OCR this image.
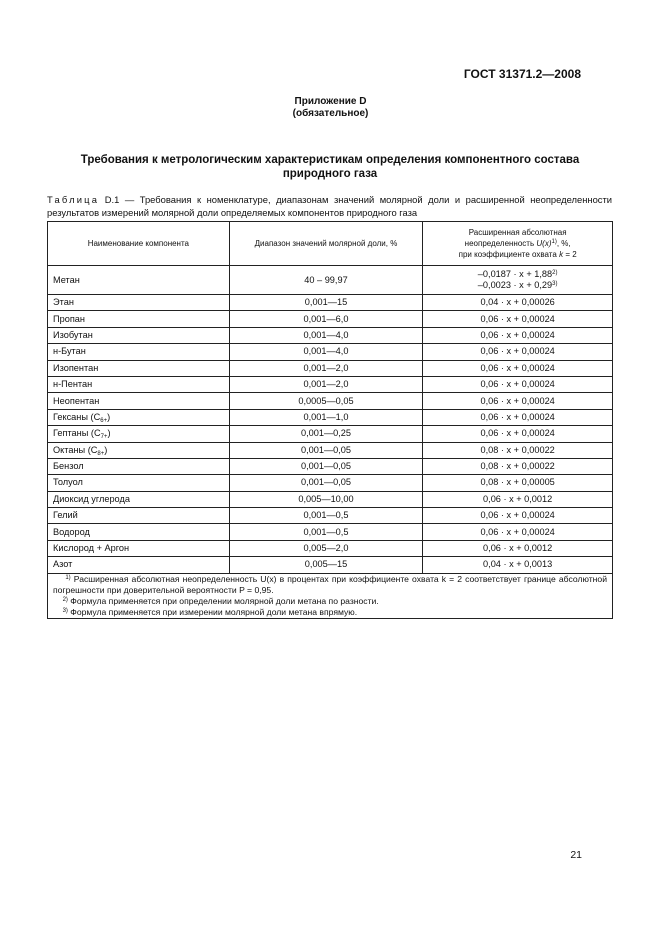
ГОСТ 31371.2—2008
Приложение D
(обязательное)
Требования к метрологическим характеристикам определения компонентного состава природного газа
Таблица D.1 — Требования к номенклатуре, диапазонам значений молярной доли и расширенной неопределенности результатов измерений молярной доли определяемых компонентов природного газа
Наименование компонента	Диапазон значений молярной доли, %	Расширенная абсолютная
неопределенность $U(x)^{1)}$, %,
при коэффициенте охвата k = 2
Метан	40 – 99,97	$-0,0187 \cdot x + 1,88^{2)}$
$-0,0023 \cdot x + 0,29^{3)}$
Этан	0,001—15	0,04 · x + 0,00026
Пропан	0,001—6,0	0,06 · x + 0,00024
Изобутан	0,001—4,0	0,06 · x + 0,00024
н-Бутан	0,001—4,0	0,06 · x + 0,00024
Изопентан	0,001—2,0	0,06 · x + 0,00024
н-Пентан	0,001—2,0	0,06 · x + 0,00024
Неопентан	0,0005—0,05	0,06 · x + 0,00024
Гексаны $(C_{6+})$	0,001—1,0	0,06 · x + 0,00024
Гептаны $(C_{7+})$	0,001—0,25	0,06 · x + 0,00024
Октаны $(C_{8+})$	0,001—0,05	0,08 · x + 0,00022
Бензол	0,001—0,05	0,08 · x + 0,00022
Толуол	0,001—0,05	0,08 · x + 0,00005
Диоксид углерода	0,005—10,00	0,06 · x + 0,0012
Гелий	0,001—0,5	0,06 · x + 0,00024
Водород	0,001—0,5	0,06 · x + 0,00024
Кислород + Аргон	0,005—2,0	0,06 · x + 0,0012
Азот	0,005—15	0,04 · x + 0,0013

$^{1)}$ Расширенная абсолютная неопределенность U(x) в процентах при коэффициенте охвата k = 2 соответствует границе абсолютной погрешности при доверительной вероятности P = 0,95.
$^{2)}$ Формула применяется при определении молярной доли метана по разности.
$^{3)}$ Формула применяется при измерении молярной доли метана впрямую.		
21
